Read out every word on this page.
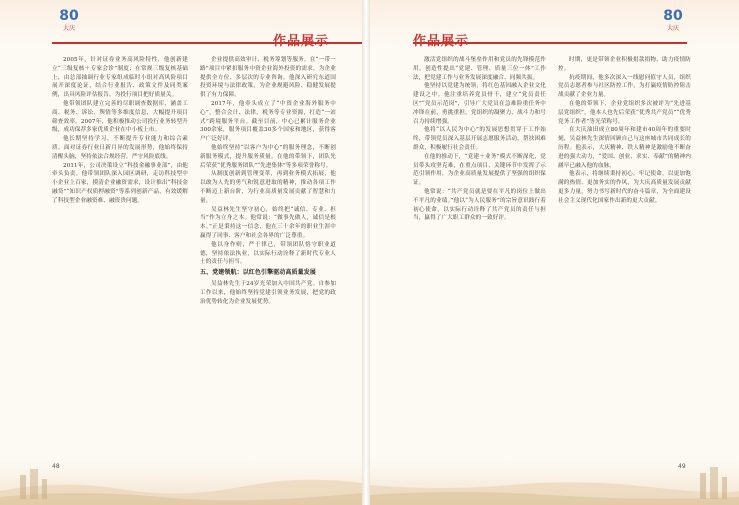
80
大庆

2005年，针对证券业务高风险特性，他创新建立“三级复核＋专家会诊”制度；在常规三级复核基础上，由总部抽调行业专家组成临时小组对高风险项目展开深度论证，结合行业报告、政策文件及同类案例，出具风险评估报告，为投行项目把好质量关。

他带领团队建立完善的尽职调查数据库，涵盖工商、税务、诉讼、舆情等多维度信息，大幅提升项目筛查效率。2007年，他积极推动公司投行业务转型升级，成功保荐多家优质企业在中小板上市。

他长期坚持学习，不断提升专业能力和综合素质。面对证券行业日新月异的发展形势，他始终保持清醒头脑，坚持依法合规经营，严守风险底线。

2011年，公司决策设立“科技金融事业部”，由他牵头负责。他带领团队深入园区调研，走访科技型中小企业上百家，摸清企业融资需求，设计推出“科技金融贷”“知识产权质押融资”等系列创新产品，有效缓解了科技型企业融资难、融资贵问题。

企业提供高效审计、税务筹划等服务。在“一带一路”项目中紧扣服务中资企业海外投资的需求，为企业提供全方位、多层次的专业咨询。他深入研究东道国投资环境与法律政策，为企业规避风险、稳健发展提供了有力保障。

2017年，他牵头成立了“中资企业海外服务中心”，整合会计、法律、税务等专业资源，打造“一站式”跨境服务平台。截至目前，中心已累计服务企业300余家，服务项目覆盖30多个国家和地区，获得客户广泛好评。

他始终坚持“以客户为中心”的服务理念，不断创新服务模式，提升服务质量。在他的带领下，团队先后荣获“优秀服务团队”“先进集体”等多项荣誉称号。

从制度创新到管理变革，再到业务模式拓展，他以敢为人先的勇气和锐意进取的精神，推动各项工作不断迈上新台阶，为行业高质量发展贡献了智慧和力量。

吴益林先生坚守初心，始终把“诚信、专业、担当”作为立身之本。他常说：“做事先做人，诚信是根本。”正是秉持这一信念，他在三十余年的职业生涯中赢得了同事、客户和社会各界的广泛尊重。

他以身作则，严于律己，带领团队恪守职业道德，坚持依法执业，以实际行动诠释了新时代专业人士的责任与担当。

五、党建领航：以红色引擎驱动高质量发展

吴益林先生于24岁光荣加入中国共产党。自参加工作以来，他始终坚持党建引领业务发展，把党的政治优势转化为企业发展优势。

48
80
大庆

激活党组织的战斗堡垒作用和党员的先锋模范作用。创造性提出“党建、管理、质量三位一体”工作法，把党建工作与业务发展深度融合、同频共振。

他坚持以党建为统领，将红色基因融入企业文化建设之中。他注重培养党员骨干，建立“党员责任区”“党员示范岗”，引导广大党员在急难险重任务中冲锋在前、勇挑重担，党组织的凝聚力、战斗力和号召力持续增强。

他将“以人民为中心”的发展思想贯穿于工作始终，带领党员深入基层开展志愿服务活动，帮扶困难群众，积极履行社会责任。

在他的推动下，“党建＋业务”模式不断深化，党员带头攻坚克难，在重点项目、关键环节中发挥了示范引领作用，为企业高质量发展提供了坚强的组织保证。

他常说：“共产党员就是要在平凡的岗位上做出不平凡的业绩。”他以“为人民服务”的宗旨意识践行着初心使命，以实际行动诠释了共产党员的责任与担当，赢得了广大职工群众的一致好评。

时期，更是带领企业积极捐款捐物，助力疫情防控。

抗疫期间，他多次深入一线慰问值守人员，组织党员志愿者参与社区防控工作，为打赢疫情防控阻击战贡献了企业力量。

在他的带领下，企业党组织多次被评为“先进基层党组织”，他本人也先后荣获“优秀共产党员”“优秀党务工作者”等光荣称号。

在大庆油田成立80周年和建市40周年的重要时刻，吴益林先生深情回顾自己与这座城市共同成长的历程。他表示，大庆精神、铁人精神是激励他不断奋进的强大动力，“爱国、创业、求实、奉献”的精神内涵早已融入他的血脉。

他表示，将继续秉持初心，牢记使命，以更加饱满的热情、更加务实的作风，为大庆高质量发展贡献更多力量，努力书写新时代的奋斗篇章，为全面建设社会主义现代化国家作出新的更大贡献。

49
